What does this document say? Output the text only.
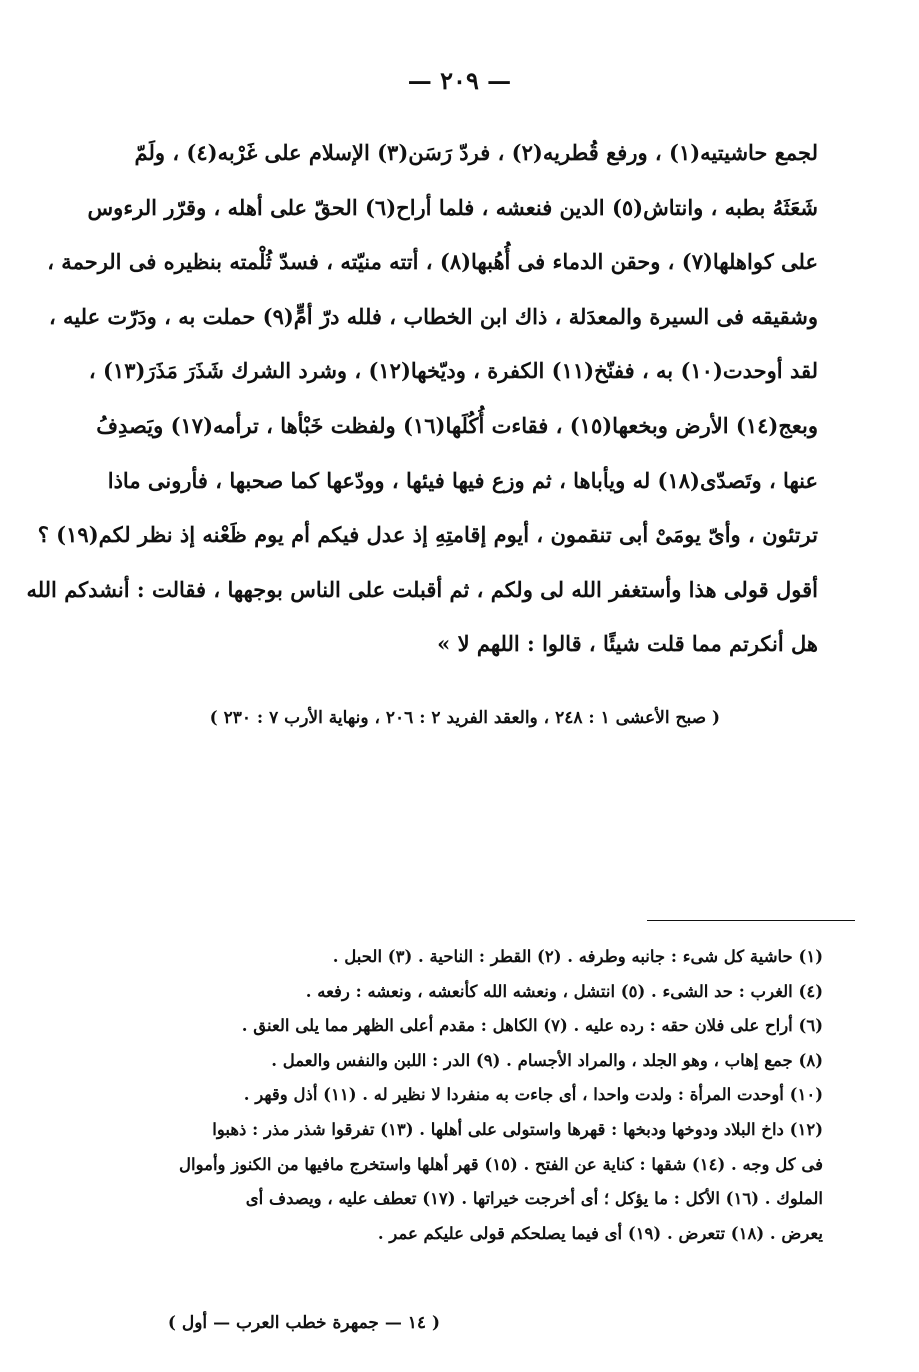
— ٢٠٩ —
لجمع حاشيتيه(١) ، ورفع قُطريه(٢) ، فردّ رَسَن(٣) الإسلام على غَرْبه(٤) ، ولَمّ
شَعَثَهُ بطبه ، وانتاش(٥) الدين فنعشه ، فلما أراح(٦) الحقّ على أهله ، وقرّر الرءوس
على كواهلها(٧) ، وحقن الدماء فى أُهُبها(٨) ، أتته منيّته ، فسدّ ثُلْمته بنظيره فى الرحمة ،
وشقيقه فى السيرة والمعدَلة ، ذاك ابن الخطاب ، فلله درّ أمٍّ(٩) حملت به ، ودَرّت عليه ،
لقد أوحدت(١٠) به ، ففنّخ(١١) الكفرة ، وديّخها(١٢) ، وشرد الشرك شَذَرَ مَذَرَ(١٣) ،
وبعج(١٤) الأرض وبخعها(١٥) ، فقاءت أُكُلَها(١٦) ولفظت خَبْأها ، ترأمه(١٧) ويَصدِفُ
عنها ، وتَصدّى(١٨) له ويأباها ، ثم وزع فيها فيئها ، وودّعها كما صحبها ، فأرونى ماذا
ترتئون ، وأىّ يومَىْ أبى تنقمون ، أيوم إقامتِهِ إذ عدل فيكم أم يوم ظَعْنه إذ نظر لكم(١٩) ؟
أقول قولى هذا وأستغفر الله لى ولكم ، ثم أقبلت على الناس بوجهها ، فقالت : أنشدكم الله
هل أنكرتم مما قلت شيئًا ، قالوا : اللهم لا »
( صبح الأعشى ١ : ٢٤٨ ، والعقد الفريد ٢ : ٢٠٦ ، ونهاية الأرب ٧ : ٢٣٠ )
(١) حاشية كل شىء : جانبه وطرفه . (٢) القطر : الناحية . (٣) الحبل .
(٤) الغرب : حد الشىء . (٥) انتشل ، ونعشه الله كأنعشه ، ونعشه : رفعه .
(٦) أراح على فلان حقه : رده عليه . (٧) الكاهل : مقدم أعلى الظهر مما يلى العنق .
(٨) جمع إهاب ، وهو الجلد ، والمراد الأجسام . (٩) الدر : اللبن والنفس والعمل .
(١٠) أوحدت المرأة : ولدت واحدا ، أى جاءت به منفردا لا نظير له . (١١) أذل وقهر .
(١٢) داخ البلاد ودوخها ودبخها : قهرها واستولى على أهلها . (١٣) تفرقوا شذر مذر : ذهبوا
فى كل وجه . (١٤) شقها : كناية عن الفتح . (١٥) قهر أهلها واستخرج مافيها من الكنوز وأموال
الملوك . (١٦) الأكل : ما يؤكل ؛ أى أخرجت خيراتها . (١٧) تعطف عليه ، ويصدف أى
يعرض . (١٨) تتعرض . (١٩) أى فيما يصلحكم قولى عليكم عمر .
( ١٤ — جمهرة خطب العرب — أول )
